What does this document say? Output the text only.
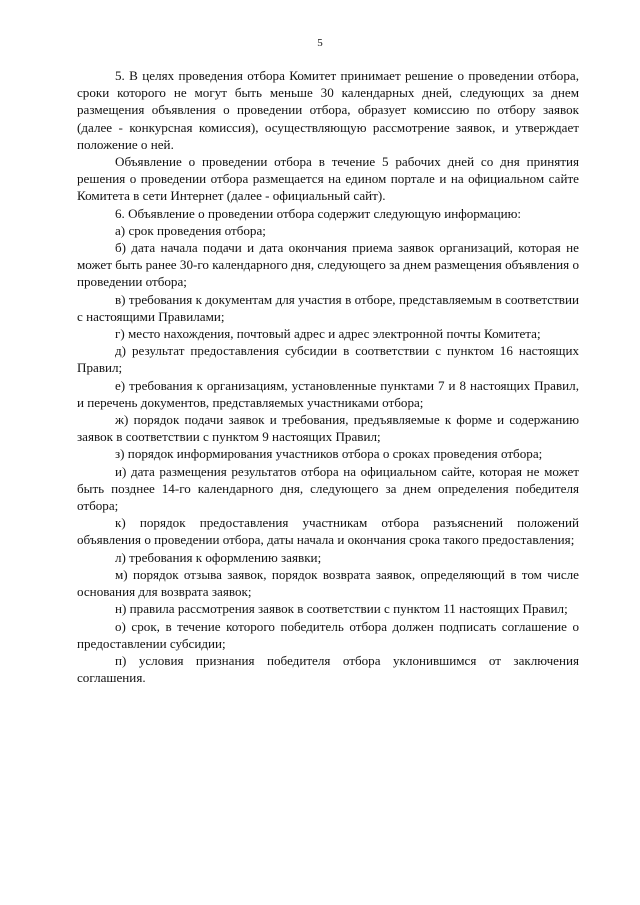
5

5. В целях проведения отбора Комитет принимает решение о проведении отбора, сроки которого не могут быть меньше 30 календарных дней, следующих за днем размещения объявления о проведении отбора, образует комиссию по отбору заявок (далее - конкурсная комиссия), осуществляющую рассмотрение заявок, и утверждает положение о ней.

Объявление о проведении отбора в течение 5 рабочих дней со дня принятия решения о проведении отбора размещается на едином портале и на официальном сайте Комитета в сети Интернет (далее - официальный сайт).

6. Объявление о проведении отбора содержит следующую информацию:

а) срок проведения отбора;

б) дата начала подачи и дата окончания приема заявок организаций, которая не может быть ранее 30-го календарного дня, следующего за днем размещения объявления о проведении отбора;

в) требования к документам для участия в отборе, представляемым в соответствии с настоящими Правилами;

г) место нахождения, почтовый адрес и адрес электронной почты Комитета;

д) результат предоставления субсидии в соответствии с пунктом 16 настоящих Правил;

е) требования к организациям, установленные пунктами 7 и 8 настоящих Правил, и перечень документов, представляемых участниками отбора;

ж) порядок подачи заявок и требования, предъявляемые к форме и содержанию заявок в соответствии с пунктом 9 настоящих Правил;

з) порядок информирования участников отбора о сроках проведения отбора;

и) дата размещения результатов отбора на официальном сайте, которая не может быть позднее 14-го календарного дня, следующего за днем определения победителя отбора;

к) порядок предоставления участникам отбора разъяснений положений объявления о проведении отбора, даты начала и окончания срока такого предоставления;

л) требования к оформлению заявки;

м) порядок отзыва заявок, порядок возврата заявок, определяющий в том числе основания для возврата заявок;

н) правила рассмотрения заявок в соответствии с пунктом 11 настоящих Правил;

о) срок, в течение которого победитель отбора должен подписать соглашение о предоставлении субсидии;

п) условия признания победителя отбора уклонившимся от заключения соглашения.
